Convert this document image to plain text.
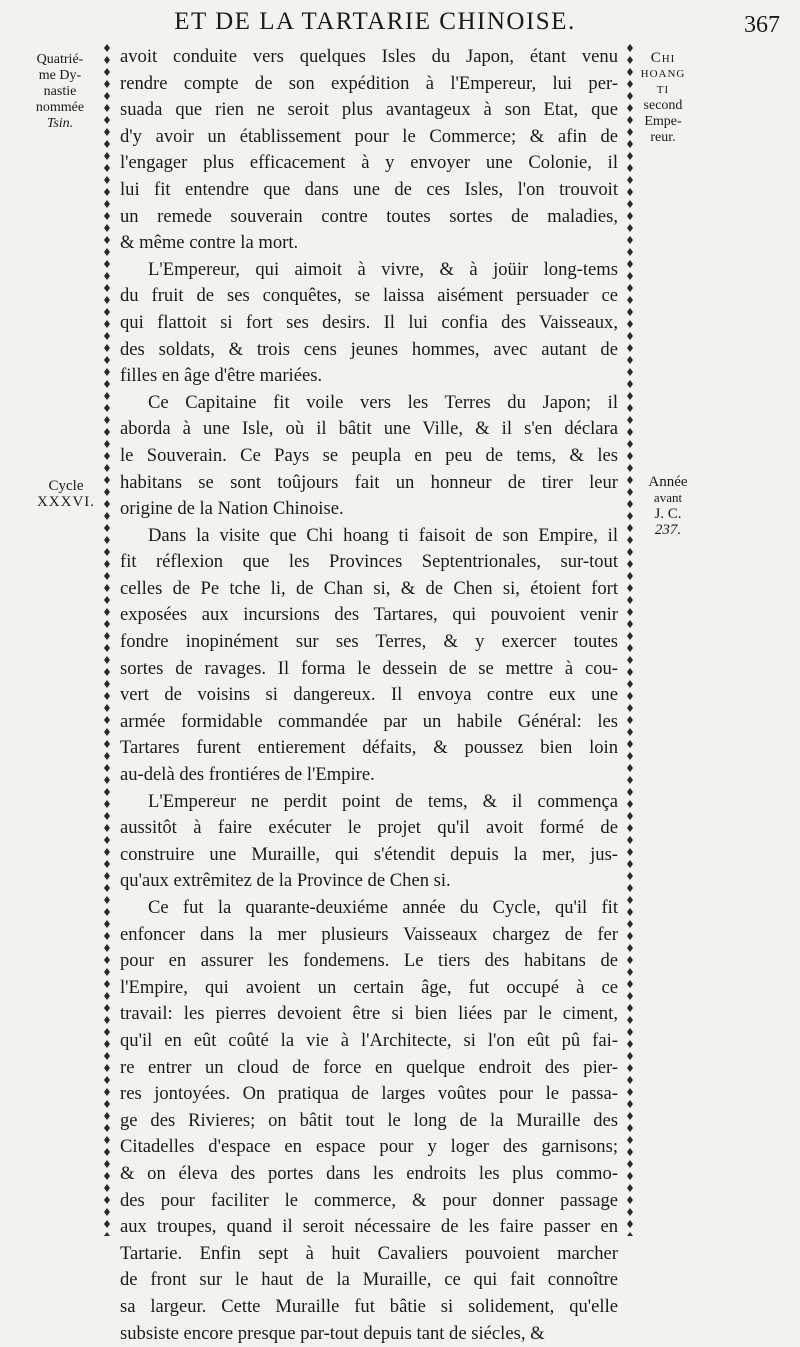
ET DE LA TARTARIE CHINOISE.	367
Quatrié-
me Dy-
nastie
nommée
Tsin.
Chi
HOANG
TI
second
Empe-
reur.
Cycle
XXXVI.
Année
avant
J. C.
237.
avoit conduite vers quelques Isles du Japon, étant venu
rendre compte de son expédition à l'Empereur, lui per-
suada que rien ne seroit plus avantageux à son Etat, que
d'y avoir un établissement pour le Commerce; & afin de
l'engager plus efficacement à y envoyer une Colonie, il
lui fit entendre que dans une de ces Isles, l'on trouvoit
un remede souverain contre toutes sortes de maladies,
& même contre la mort.
L'Empereur, qui aimoit à vivre, & à joüir long-tems
du fruit de ses conquêtes, se laissa aisément persuader ce
qui flattoit si fort ses desirs. Il lui confia des Vaisseaux,
des soldats, & trois cens jeunes hommes, avec autant de
filles en âge d'être mariées.
Ce Capitaine fit voile vers les Terres du Japon; il
aborda à une Isle, où il bâtit une Ville, & il s'en déclara
le Souverain. Ce Pays se peupla en peu de tems, & les
habitans se sont toûjours fait un honneur de tirer leur
origine de la Nation Chinoise.
Dans la visite que Chi hoang ti faisoit de son Empire, il
fit réflexion que les Provinces Septentrionales, sur-tout
celles de Pe tche li, de Chan si, & de Chen si, étoient fort
exposées aux incursions des Tartares, qui pouvoient venir
fondre inopinément sur ses Terres, & y exercer toutes
sortes de ravages. Il forma le dessein de se mettre à cou-
vert de voisins si dangereux. Il envoya contre eux une
armée formidable commandée par un habile Général: les
Tartares furent entierement défaits, & poussez bien loin
au-delà des frontiéres de l'Empire.
L'Empereur ne perdit point de tems, & il commença
aussitôt à faire exécuter le projet qu'il avoit formé de
construire une Muraille, qui s'étendit depuis la mer, jus-
qu'aux extrêmitez de la Province de Chen si.
Ce fut la quarante-deuxiéme année du Cycle, qu'il fit
enfoncer dans la mer plusieurs Vaisseaux chargez de fer
pour en assurer les fondemens. Le tiers des habitans de
l'Empire, qui avoient un certain âge, fut occupé à ce
travail: les pierres devoient être si bien liées par le ciment,
qu'il en eût coûté la vie à l'Architecte, si l'on eût pû fai-
re entrer un cloud de force en quelque endroit des pier-
res jontoyées. On pratiqua de larges voûtes pour le passa-
ge des Rivieres; on bâtit tout le long de la Muraille des
Citadelles d'espace en espace pour y loger des garnisons;
& on éleva des portes dans les endroits les plus commo-
des pour faciliter le commerce, & pour donner passage
aux troupes, quand il seroit nécessaire de les faire passer en
Tartarie. Enfin sept à huit Cavaliers pouvoient marcher
de front sur le haut de la Muraille, ce qui fait connoître
sa largeur. Cette Muraille fut bâtie si solidement, qu'elle
subsiste encore presque par-tout depuis tant de siécles, &
